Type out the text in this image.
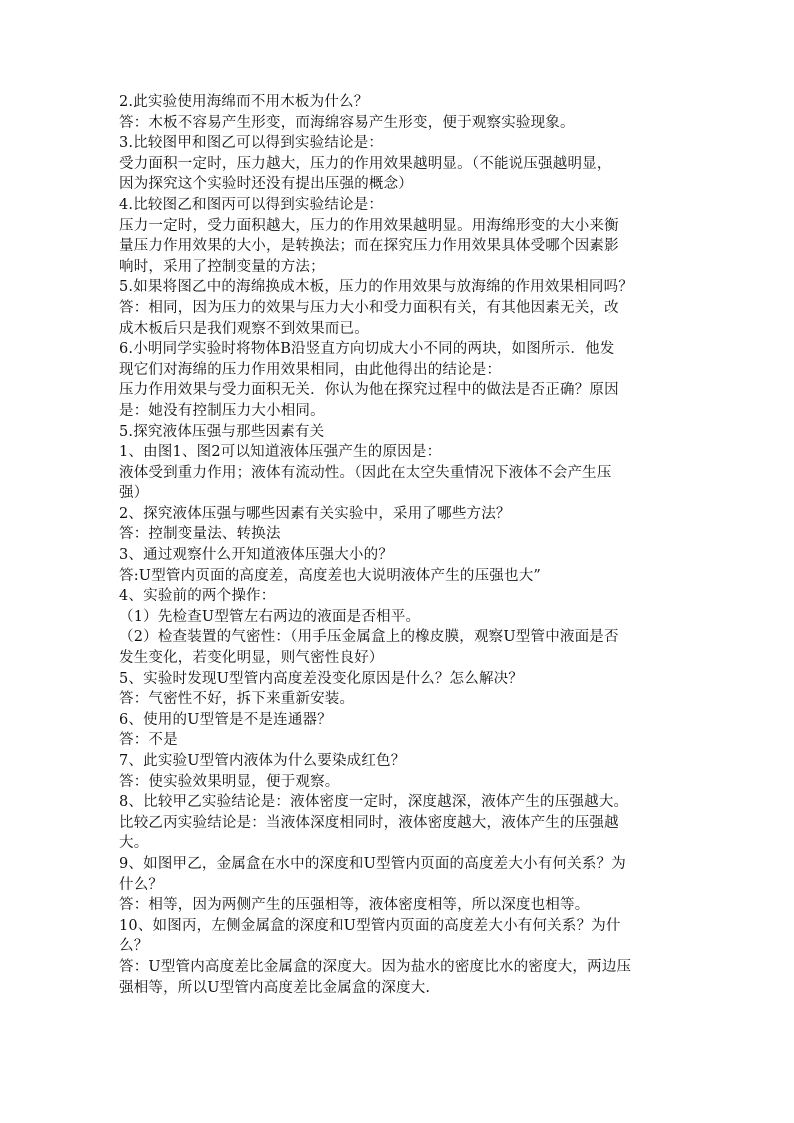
2.此实验使用海绵而不用木板为什么？
答：木板不容易产生形变，而海绵容易产生形变，便于观察实验现象。
3.比较图甲和图乙可以得到实验结论是：
受力面积一定时，压力越大，压力的作用效果越明显。（不能说压强越明显，
因为探究这个实验时还没有提出压强的概念）
4.比较图乙和图丙可以得到实验结论是：
压力一定时，受力面积越大，压力的作用效果越明显。用海绵形变的大小来衡
量压力作用效果的大小，是转换法；而在探究压力作用效果具体受哪个因素影
响时，采用了控制变量的方法；
5.如果将图乙中的海绵换成木板，压力的作用效果与放海绵的作用效果相同吗？
答：相同，因为压力的效果与压力大小和受力面积有关，有其他因素无关，改
成木板后只是我们观察不到效果而已。
6.小明同学实验时将物体B沿竖直方向切成大小不同的两块，如图所示．他发
现它们对海绵的压力作用效果相同，由此他得出的结论是：
压力作用效果与受力面积无关．你认为他在探究过程中的做法是否正确？原因
是：她没有控制压力大小相同。
5.探究液体压强与那些因素有关
1、由图1、图2可以知道液体压强产生的原因是：
液体受到重力作用；液体有流动性。（因此在太空失重情况下液体不会产生压
强）
2、探究液体压强与哪些因素有关实验中，采用了哪些方法？
答：控制变量法、转换法
3、通过观察什么开知道液体压强大小的？
答:U型管内页面的高度差，高度差也大说明液体产生的压强也大”
4、实验前的两个操作：
（1）先检查U型管左右两边的液面是否相平。
（2）检查装置的气密性：（用手压金属盒上的橡皮膜，观察U型管中液面是否
发生变化，若变化明显，则气密性良好）
5、实验时发现U型管内高度差没变化原因是什么？怎么解决？
答：气密性不好，拆下来重新安装。
6、使用的U型管是不是连通器？
答：不是
7、此实验U型管内液体为什么要染成红色？
答：使实验效果明显，便于观察。
8、比较甲乙实验结论是：液体密度一定时，深度越深，液体产生的压强越大。
比较乙丙实验结论是：当液体深度相同时，液体密度越大，液体产生的压强越
大。
9、如图甲乙，金属盒在水中的深度和U型管内页面的高度差大小有何关系？为
什么？
答：相等，因为两侧产生的压强相等，液体密度相等，所以深度也相等。
10、如图丙，左侧金属盒的深度和U型管内页面的高度差大小有何关系？为什
么？
答：U型管内高度差比金属盒的深度大。因为盐水的密度比水的密度大，两边压
强相等，所以U型管内高度差比金属盒的深度大.
